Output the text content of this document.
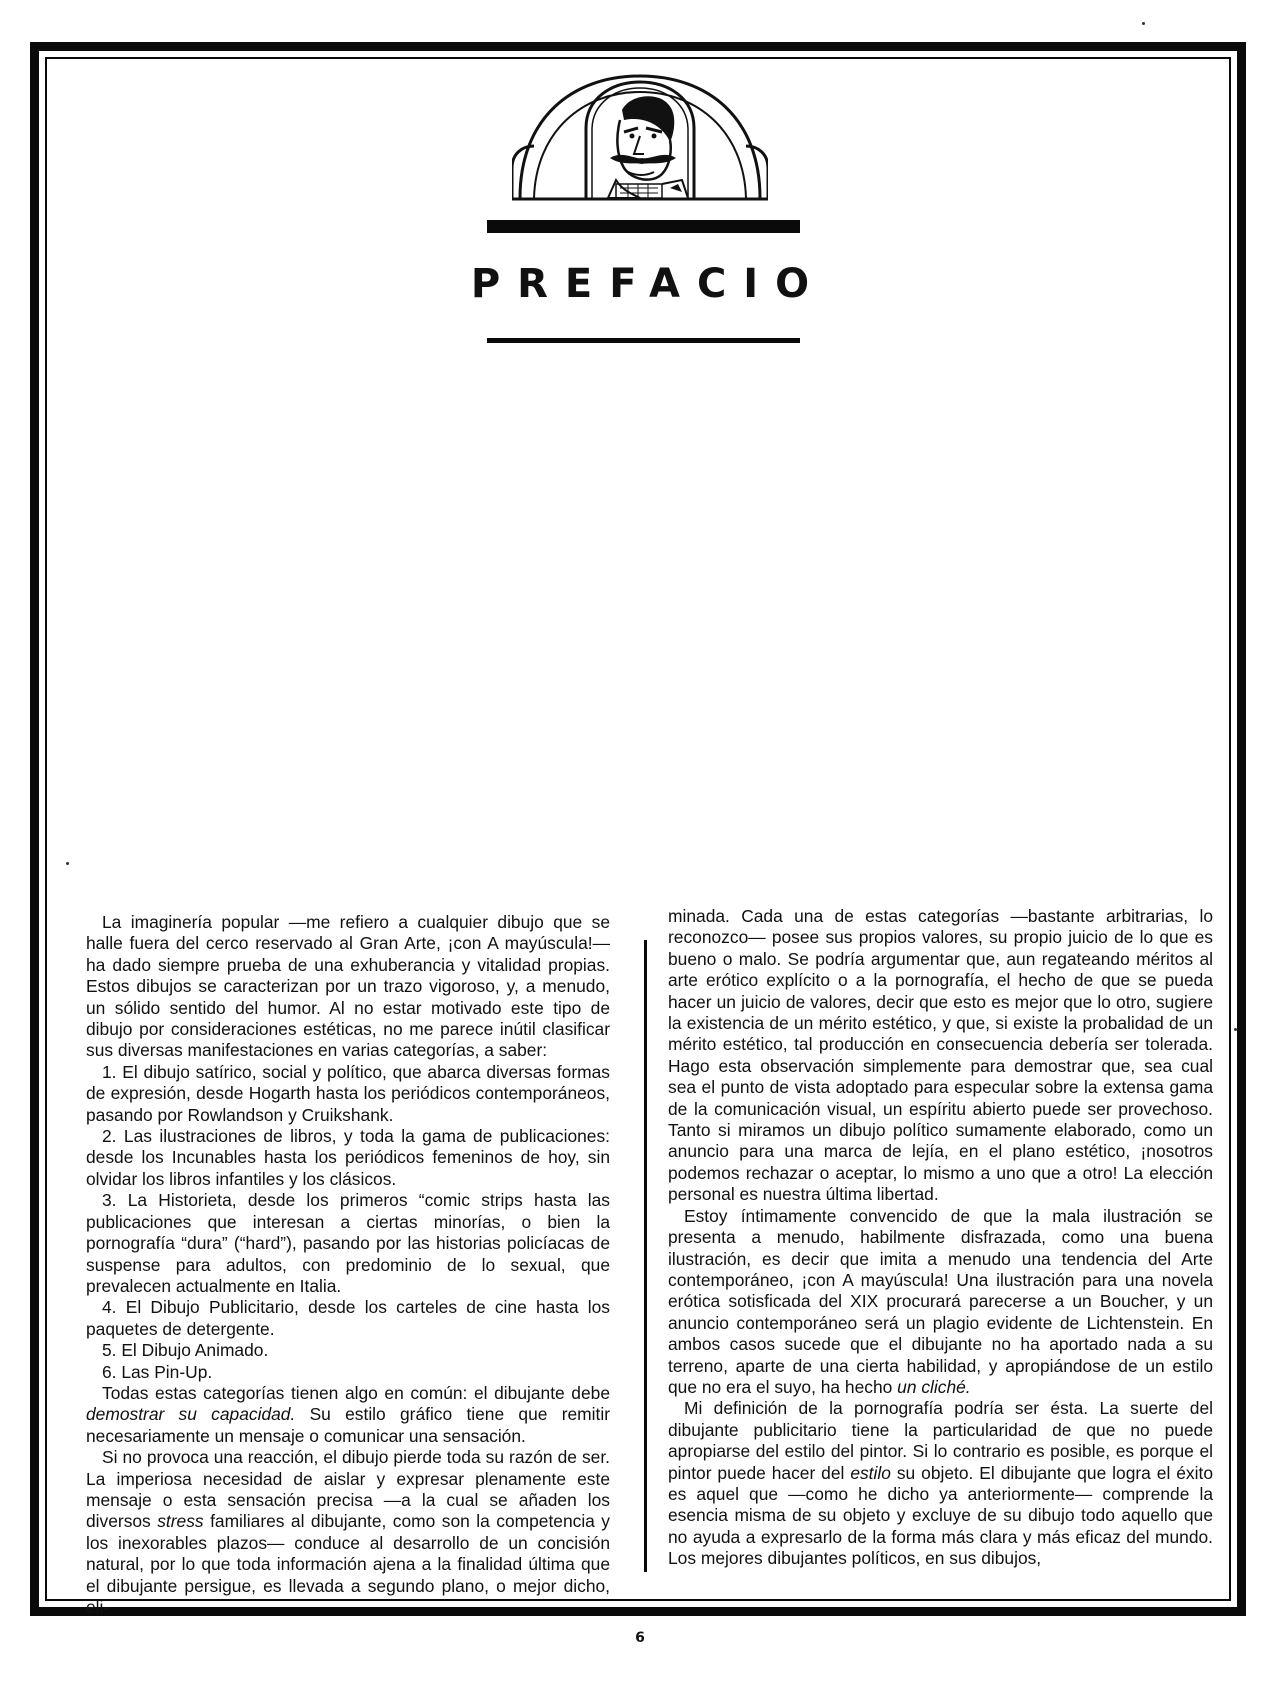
PREFACIO

La imaginería popular —me refiero a cualquier dibujo que se halle fuera del cerco reservado al Gran Arte, ¡con A mayúscula!— ha dado siempre prueba de una exhuberancia y vitalidad propias. Estos dibujos se caracterizan por un trazo vigoroso, y, a menudo, un sólido sentido del humor. Al no estar motivado este tipo de dibujo por consideraciones estéticas, no me parece inútil clasificar sus diversas manifestaciones en varias categorías, a saber:

1. El dibujo satírico, social y político, que abarca diversas formas de expresión, desde Hogarth hasta los periódicos contemporáneos, pasando por Rowlandson y Cruikshank.

2. Las ilustraciones de libros, y toda la gama de publicaciones: desde los Incunables hasta los periódicos femeninos de hoy, sin olvidar los libros infantiles y los clásicos.

3. La Historieta, desde los primeros “comic strips hasta las publicaciones que interesan a ciertas minorías, o bien la pornografía “dura” (“hard”), pasando por las historias policíacas de suspense para adultos, con predominio de lo sexual, que prevalecen actualmente en Italia.

4. El Dibujo Publicitario, desde los carteles de cine hasta los paquetes de detergente.

5. El Dibujo Animado.

6. Las Pin-Up.

Todas estas categorías tienen algo en común: el dibujante debe demostrar su capacidad. Su estilo gráfico tiene que remitir necesariamente un mensaje o comunicar una sensación.

Si no provoca una reacción, el dibujo pierde toda su razón de ser. La imperiosa necesidad de aislar y expresar plenamente este mensaje o esta sensación precisa —a la cual se añaden los diversos stress familiares al dibujante, como son la competencia y los inexorables plazos— conduce al desarrollo de un concisión natural, por lo que toda información ajena a la finalidad última que el dibujante persigue, es llevada a segundo plano, o mejor dicho, eli-

minada. Cada una de estas categorías —bastante arbitrarias, lo reconozco— posee sus propios valores, su propio juicio de lo que es bueno o malo. Se podría argumentar que, aun regateando méritos al arte erótico explícito o a la pornografía, el hecho de que se pueda hacer un juicio de valores, decir que esto es mejor que lo otro, sugiere la existencia de un mérito estético, y que, si existe la probalidad de un mérito estético, tal producción en consecuencia debería ser tolerada. Hago esta observación simplemente para demostrar que, sea cual sea el punto de vista adoptado para especular sobre la extensa gama de la comunicación visual, un espíritu abierto puede ser provechoso. Tanto si miramos un dibujo político sumamente elaborado, como un anuncio para una marca de lejía, en el plano estético, ¡nosotros podemos rechazar o aceptar, lo mismo a uno que a otro! La elección personal es nuestra última libertad.

Estoy íntimamente convencido de que la mala ilustración se presenta a menudo, habilmente disfrazada, como una buena ilustración, es decir que imita a menudo una tendencia del Arte contemporáneo, ¡con A mayúscula! Una ilustración para una novela erótica sotisficada del XIX procurará parecerse a un Boucher, y un anuncio contemporáneo será un plagio evidente de Lichtenstein. En ambos casos sucede que el dibujante no ha aportado nada a su terreno, aparte de una cierta habilidad, y apropiándose de un estilo que no era el suyo, ha hecho un cliché.

Mi definición de la pornografía podría ser ésta. La suerte del dibujante publicitario tiene la particularidad de que no puede apropiarse del estilo del pintor. Si lo contrario es posible, es porque el pintor puede hacer del estilo su objeto. El dibujante que logra el éxito es aquel que —como he dicho ya anteriormente— comprende la esencia misma de su objeto y excluye de su dibujo todo aquello que no ayuda a expresarlo de la forma más clara y más eficaz del mundo. Los mejores dibujantes políticos, en sus dibujos,

6
